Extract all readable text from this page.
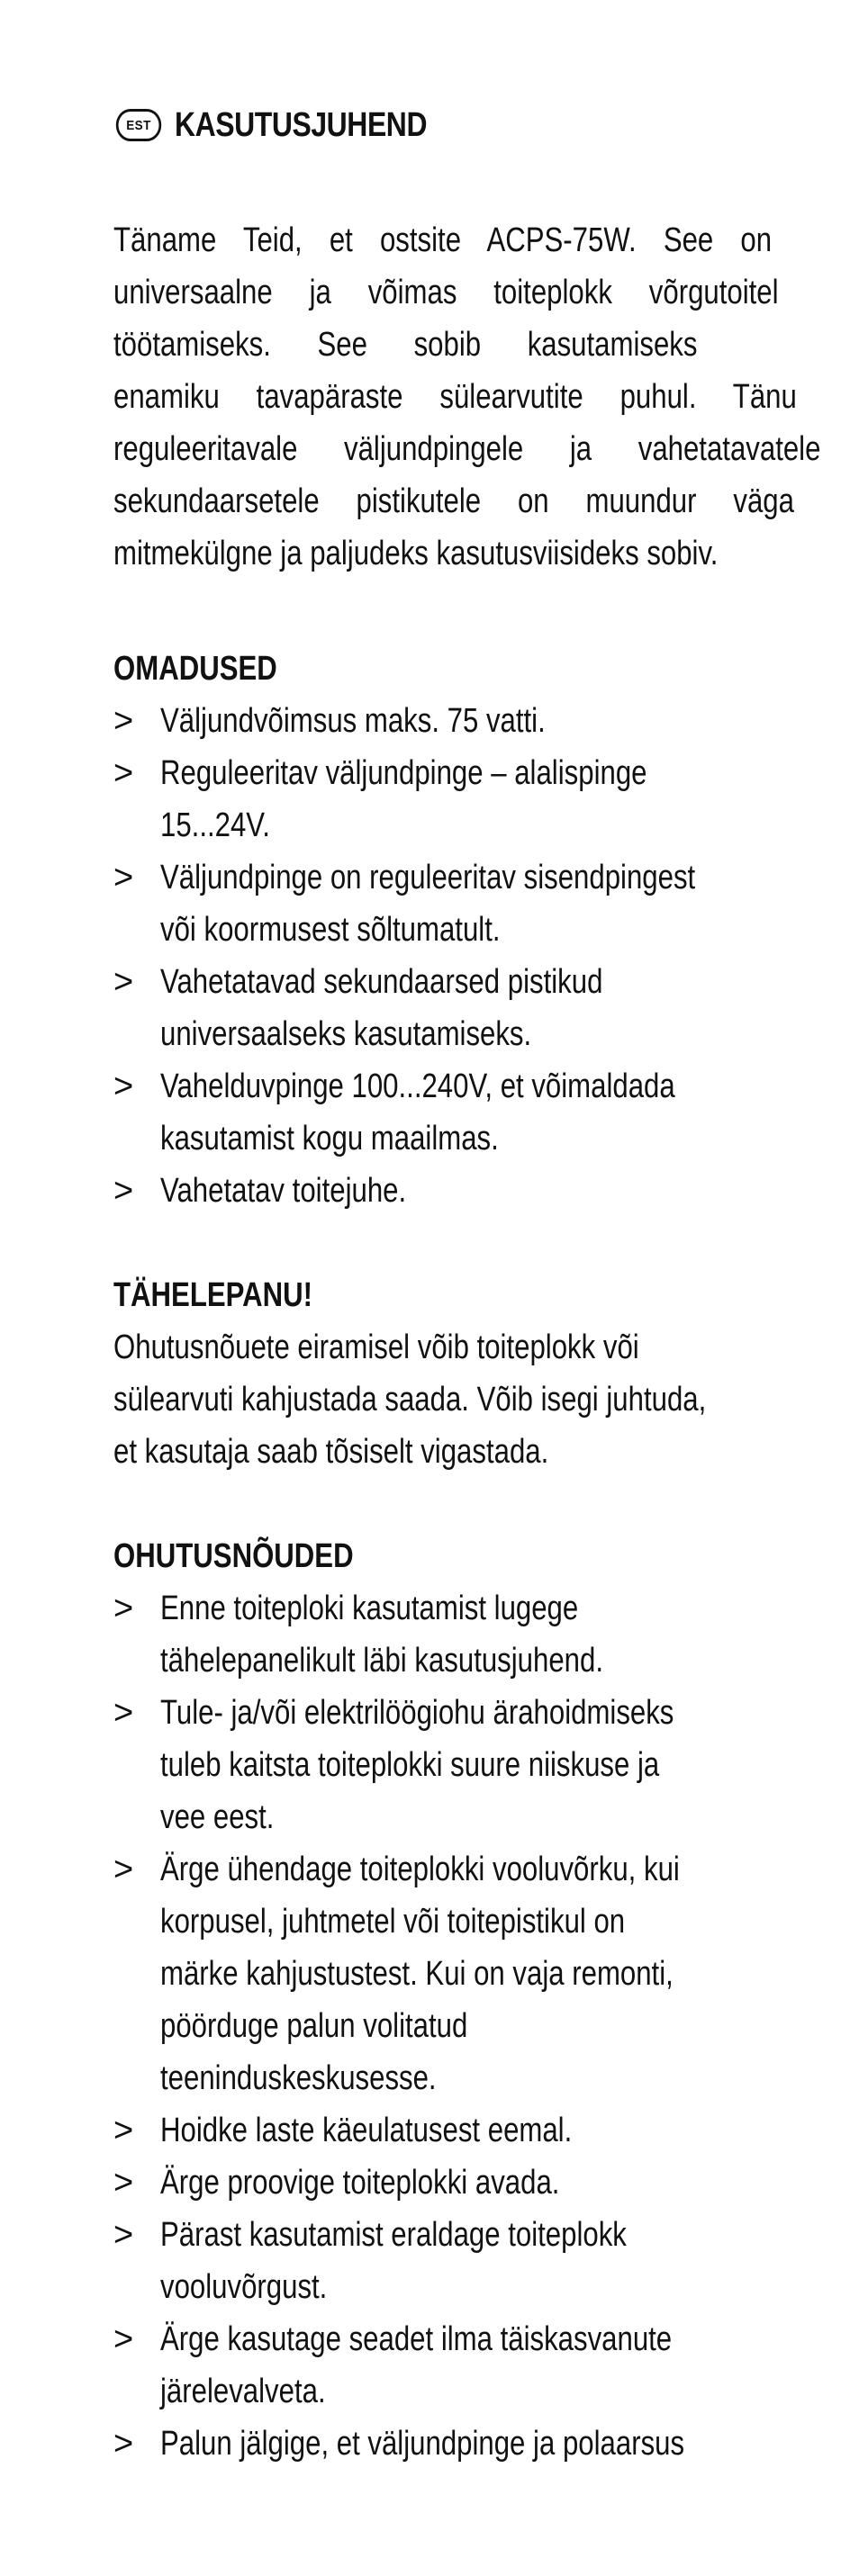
EST KASUTUSJUHEND
Täname Teid, et ostsite ACPS-75W. See on
universaalne ja võimas toiteplokk võrgutoitel
töötamiseks. See sobib kasutamiseks
enamiku tavapäraste sülearvutite puhul. Tänu
reguleeritavale väljundpingele ja vahetatavatele
sekundaarsetele pistikutele on muundur väga
mitmekülgne ja paljudeks kasutusviisideks sobiv.
OMADUSED
> Väljundvõimsus maks. 75 vatti.
> Reguleeritav väljundpinge – alalispinge
15...24V.
> Väljundpinge on reguleeritav sisendpingest
või koormusest sõltumatult.
> Vahetatavad sekundaarsed pistikud
universaalseks kasutamiseks.
> Vahelduvpinge 100...240V, et võimaldada
kasutamist kogu maailmas.
> Vahetatav toitejuhe.
TÄHELEPANU!
Ohutusnõuete eiramisel võib toiteplokk või
sülearvuti kahjustada saada. Võib isegi juhtuda,
et kasutaja saab tõsiselt vigastada.
OHUTUSNÕUDED
> Enne toiteploki kasutamist lugege
tähelepanelikult läbi kasutusjuhend.
> Tule- ja/või elektrilöögiohu ärahoidmiseks
tuleb kaitsta toiteplokki suure niiskuse ja
vee eest.
> Ärge ühendage toiteplokki vooluvõrku, kui
korpusel, juhtmetel või toitepistikul on
märke kahjustustest. Kui on vaja remonti,
pöörduge palun volitatud
teeninduskeskusesse.
> Hoidke laste käeulatusest eemal.
> Ärge proovige toiteplokki avada.
> Pärast kasutamist eraldage toiteplokk
vooluvõrgust.
> Ärge kasutage seadet ilma täiskasvanute
järelevalveta.
> Palun jälgige, et väljundpinge ja polaarsus
